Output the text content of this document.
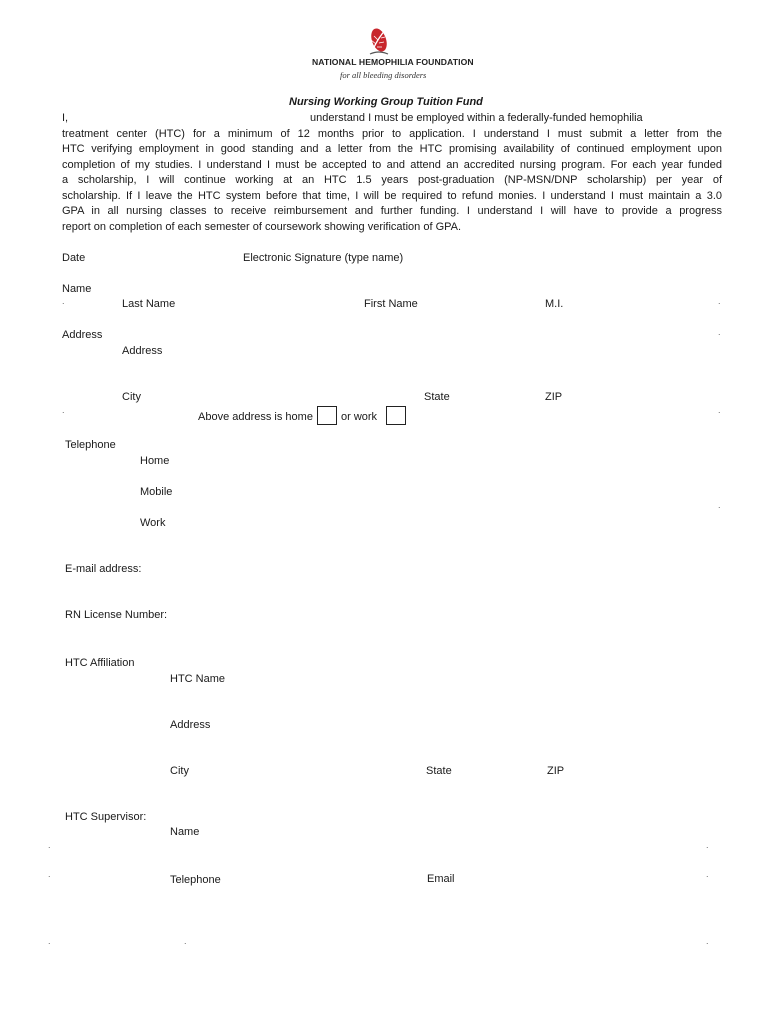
NATIONAL HEMOPHILIA FOUNDATION
for all bleeding disorders
Nursing Working Group Tuition Fund
I,	understand I must be employed within a federally-funded hemophilia
treatment center (HTC) for a minimum of 12 months prior to application. I understand I must submit a letter from the
HTC verifying employment in good standing and a letter from the HTC promising availability of continued employment upon
completion of my studies. I understand I must be accepted to and attend an accredited nursing program. For each year funded
a scholarship, I will continue working at an HTC 1.5 years post-graduation (NP-MSN/DNP scholarship) per year of
scholarship. If I leave the HTC system before that time, I will be required to refund monies. I understand I must maintain a 3.0
GPA in all nursing classes to receive reimbursement and further funding. I understand I will have to provide a progress
report on completion of each semester of coursework showing verification of GPA.
Date	Electronic Signature (type name)
Name
Last Name	First Name	M.I.
Address
Address
City	State	ZIP
Above address is home	or work
Telephone
Home
Mobile
Work
E-mail address:
RN License Number:
HTC Affiliation
HTC Name
Address
City	State	ZIP
HTC Supervisor:
Name
Telephone	Email
.	.
.
.	.
.
.	.
.	.
.	.	.
